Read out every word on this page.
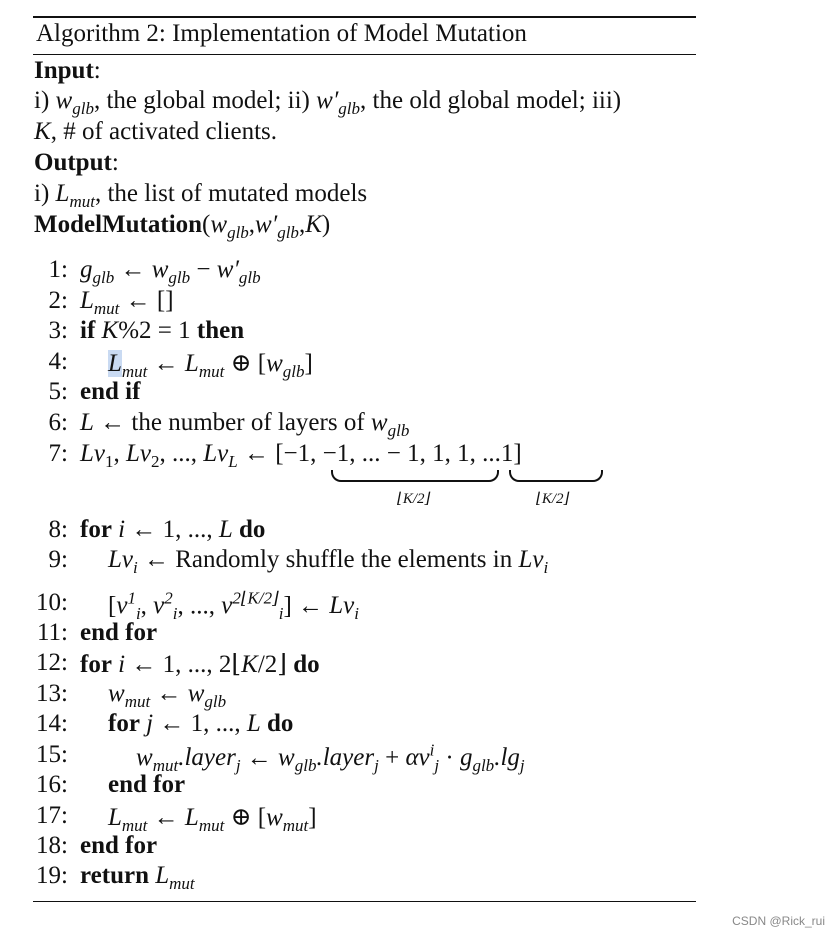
Algorithm 2: Implementation of Model Mutation
Input:
i) $w_{glb}$, the global model; ii) $w'_{glb}$, the old global model; iii)
K, # of activated clients.
Output:
i) $L_{mut}$, the list of mutated models
$ModelMutation(w_{glb},w'_{glb},K)$
1: $g_{glb}$ ← $w_{glb} - w'_{glb}$
2: $L_{mut}$ ← []
3: if K%2 = 1 then
4: $L_{mut}$ ← $L_{mut}$ ⊕ $[w_{glb}]$
5: end if
6: L ← the number of layers of $w_{glb}$
7: $Lv_1$, $Lv_2$, ..., $Lv_L$ ← [−1, −1, ... − 1, 1, 1, ...1]
⌊K/2⌋	⌊K/2⌋
8: for i ← 1, ..., L do
9: $Lv_i$ ← Randomly shuffle the elements in $Lv_i$
10: [$v^1_i$, $v^2_i$, ..., $v^{2⌊K/2⌋}_i$] ← $Lv_i$
11: end for
12: for i ← 1, ..., 2⌊K/2⌋ do
13: $w_{mut}$ ← $w_{glb}$
14: for j ← 1, ..., L do
15:	$w_{mut}.layer_j$ ← $w_{glb}.layer_j + \alpha v^i_j \cdot g_{glb}.\lg_j$
16: end for
17: $L_{mut}$ ← $L_{mut}$ ⊕ $[w_{mut}]$
18: end for
19: return $L_{mut}$
CSDN @Rick_rui
